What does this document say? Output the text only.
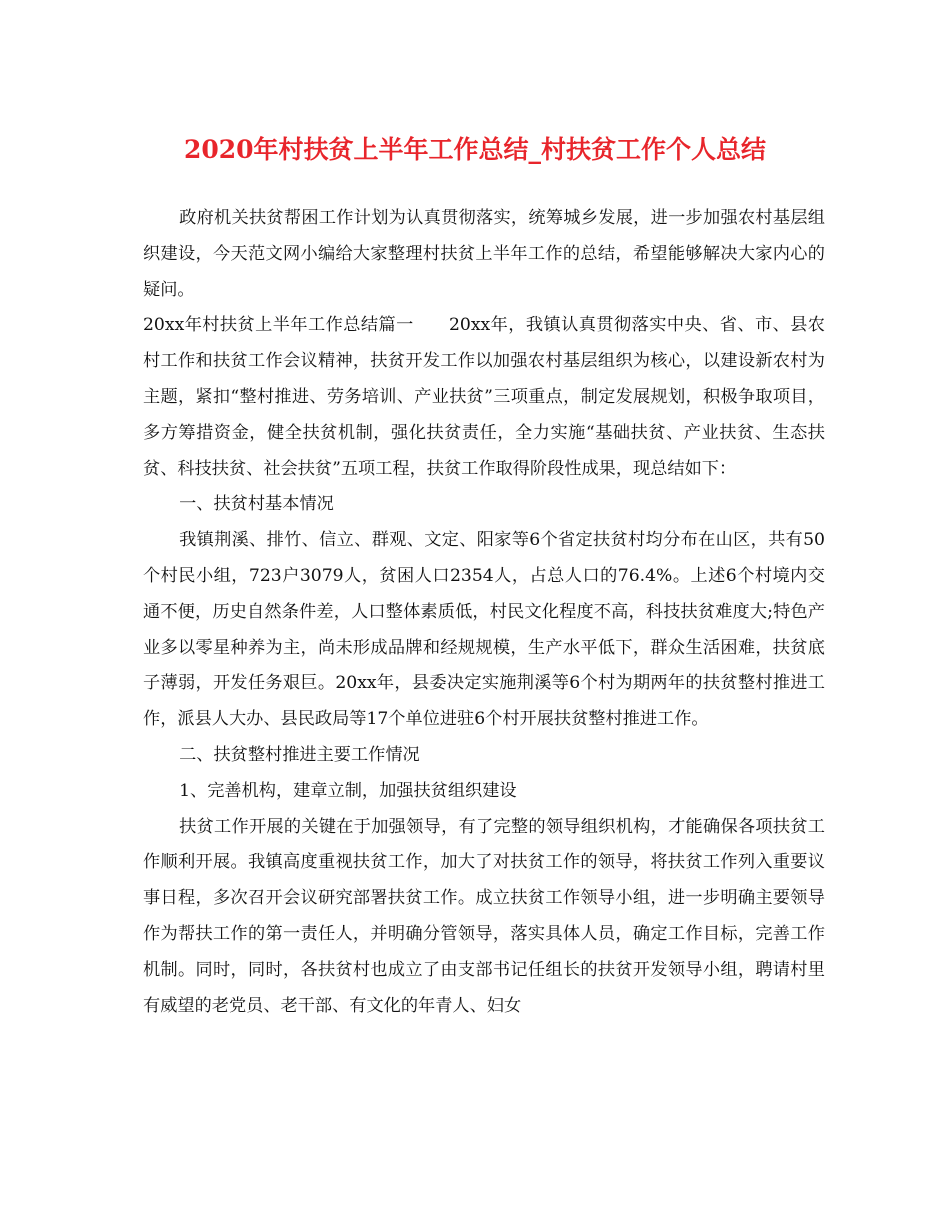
2020年村扶贫上半年工作总结_村扶贫工作个人总结

政府机关扶贫帮困工作计划为认真贯彻落实，统筹城乡发展，进一步加强农村基层组织建设，今天范文网小编给大家整理村扶贫上半年工作的总结，希望能够解决大家内心的疑问。

20xx年村扶贫上半年工作总结篇一　　20xx年，我镇认真贯彻落实中央、省、市、县农村工作和扶贫工作会议精神，扶贫开发工作以加强农村基层组织为核心，以建设新农村为主题，紧扣“整村推进、劳务培训、产业扶贫”三项重点，制定发展规划，积极争取项目，多方筹措资金，健全扶贫机制，强化扶贫责任，全力实施“基础扶贫、产业扶贫、生态扶贫、科技扶贫、社会扶贫”五项工程，扶贫工作取得阶段性成果，现总结如下：

一、扶贫村基本情况

我镇荆溪、排竹、信立、群观、文定、阳家等6个省定扶贫村均分布在山区，共有50个村民小组，723户3079人，贫困人口2354人，占总人口的76.4%。上述6个村境内交通不便，历史自然条件差，人口整体素质低，村民文化程度不高，科技扶贫难度大;特色产业多以零星种养为主，尚未形成品牌和经规规模，生产水平低下，群众生活困难，扶贫底子薄弱，开发任务艰巨。20xx年，县委决定实施荆溪等6个村为期两年的扶贫整村推进工作，派县人大办、县民政局等17个单位进驻6个村开展扶贫整村推进工作。

二、扶贫整村推进主要工作情况

1、完善机构，建章立制，加强扶贫组织建设

扶贫工作开展的关键在于加强领导，有了完整的领导组织机构，才能确保各项扶贫工作顺利开展。我镇高度重视扶贫工作，加大了对扶贫工作的领导，将扶贫工作列入重要议事日程，多次召开会议研究部署扶贫工作。成立扶贫工作领导小组，进一步明确主要领导作为帮扶工作的第一责任人，并明确分管领导，落实具体人员，确定工作目标，完善工作机制。同时，同时，各扶贫村也成立了由支部书记任组长的扶贫开发领导小组，聘请村里有威望的老党员、老干部、有文化的年青人、妇女
